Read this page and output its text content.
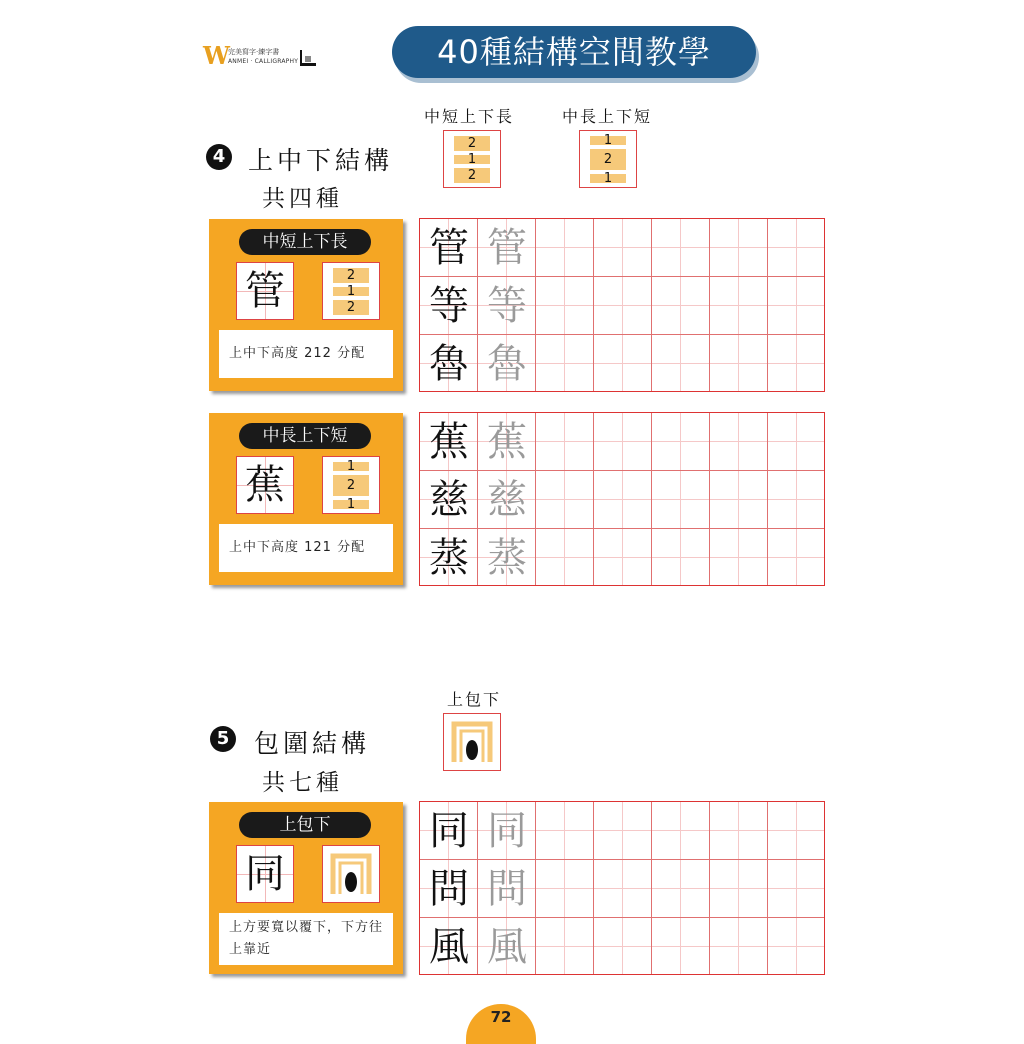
W
完美寫字‧練字書
ANMEI · CALLIGRAPHY	40種結構空間教學
4 上中下結構
共四種
中短上下長
2
1
2
中長上下短
1
2
1
中短上下長
管	2
1
2
上中下高度 212 分配
管 管
等 等
魯 魯
中長上下短
蕉	1
2
1
上中下高度 121 分配
蕉 蕉
慈 慈
蒸 蒸
上包下
5 包圍結構
共七種
上包下
同
上方要寬以覆下，下方往上靠近
同 同
問 問
風 風
72
